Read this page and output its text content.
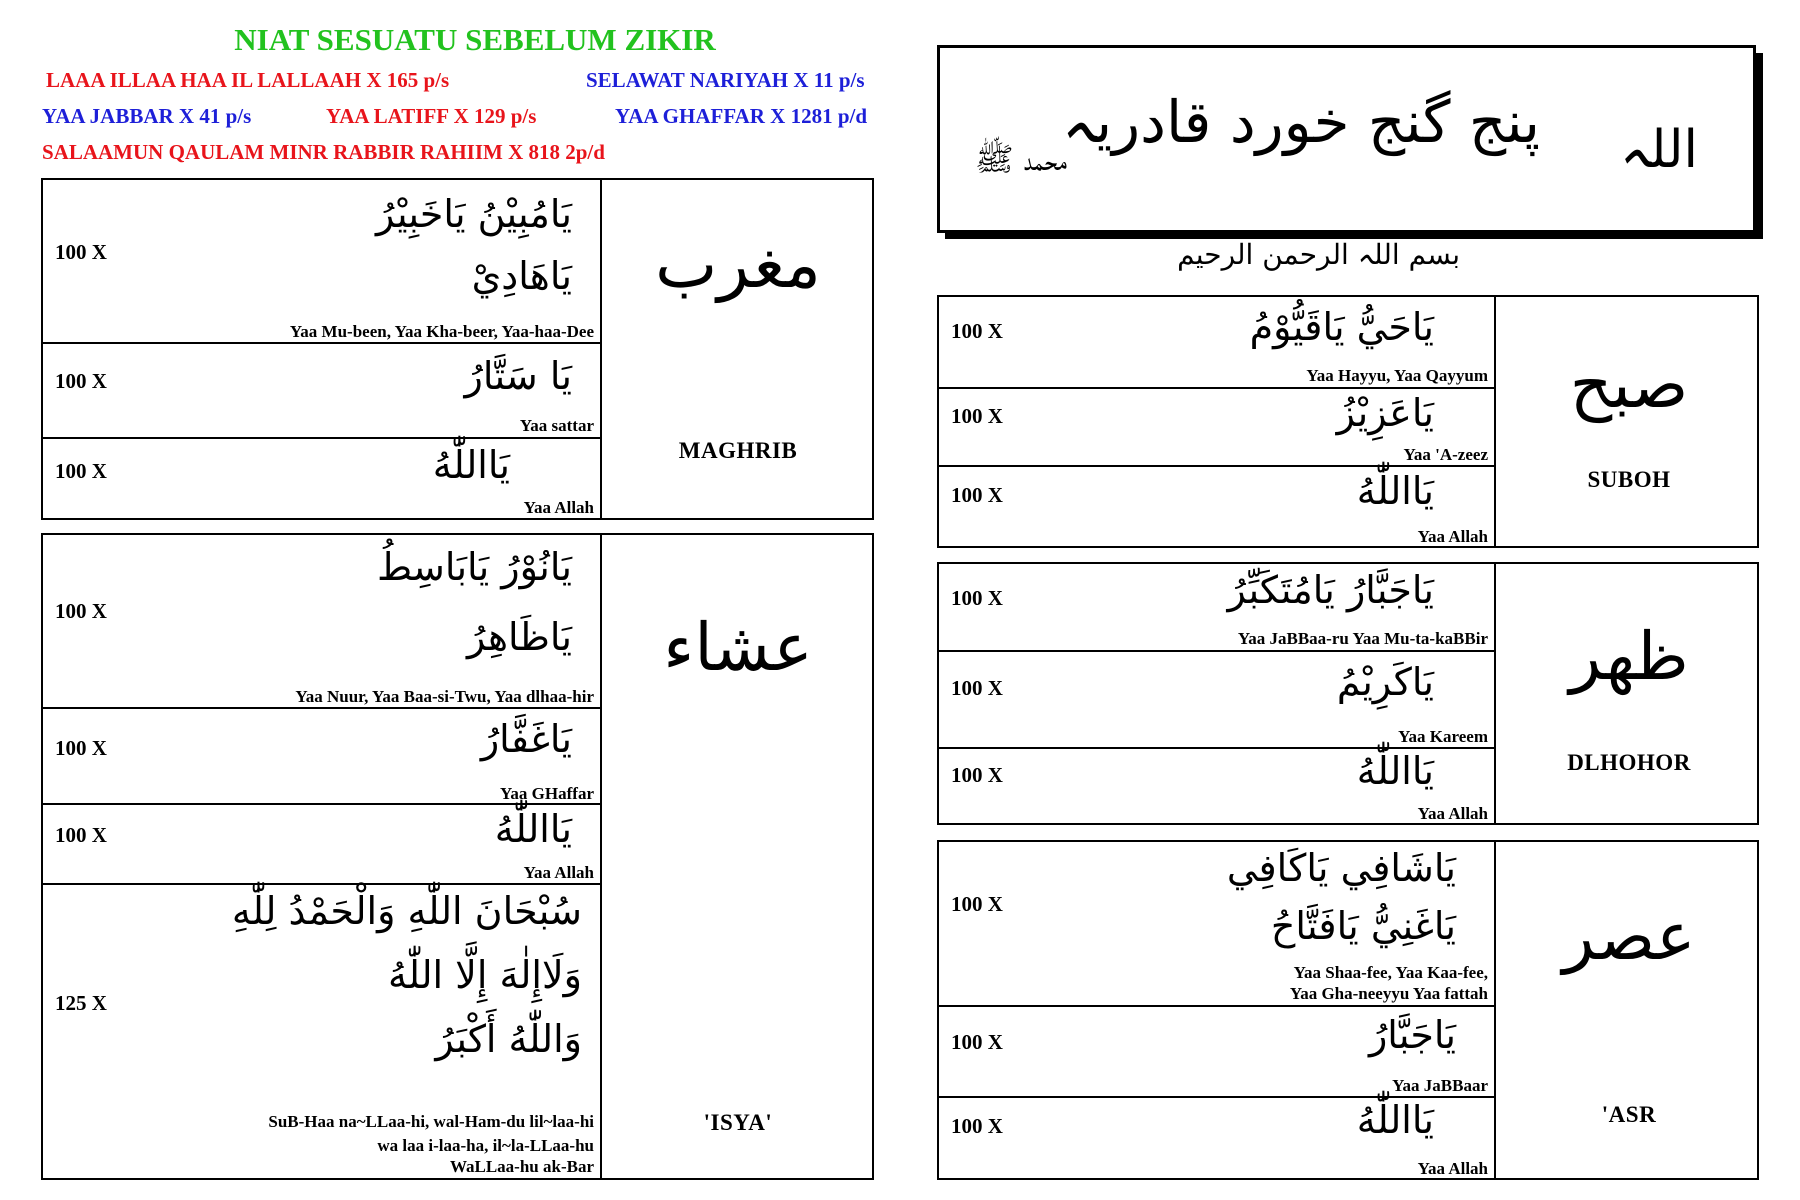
NIAT SESUATU SEBELUM ZIKIR
LAAA ILLAA HAA IL LALLAAH X 165 p/s	SELAWAT NARIYAH X 11 p/s
YAA JABBAR X 41 p/s	YAA LATIFF X 129 p/s	YAA GHAFFAR X 1281 p/d
SALAAMUN QAULAM MINR RABBIR RAHIIM X 818 2p/d	پنج گنج خورد قادریہ اللہ
محمد ﷺ
بسم اللہ الرحمن الرحیم
100 X
يَامُبِيْنُ يَاخَبِيْرُ
يَاهَادِيْ
Yaa Mu-been, Yaa Kha-beer, Yaa-haa-Dee
100 X	يَا سَتَّارُ
Yaa sattar
100 X	يَااللّٰهُ
Yaa Allah
مغرب
MAGHRIB
100 X
يَانُوْرُ يَابَاسِطُ
يَاظَاهِرُ
Yaa Nuur, Yaa Baa-si-Twu, Yaa dlhaa-hir
100 X	يَاغَفَّارُ
Yaa GHaffar
100 X	يَااللّٰهُ
Yaa Allah
125 X
سُبْحَانَ اللّٰهِ وَالْحَمْدُ لِلّٰهِ
وَلَاإِلٰهَ إِلَّا اللّٰهُ
وَاللّٰهُ أَكْبَرُ
SuB-Haa na~LLaa-hi, wal-Ham-du lil~laa-hi
wa laa i-laa-ha, il~la-LLaa-hu
WaLLaa-hu ak-Bar
عشاء
'ISYA'
100 X	يَاحَيُّ يَاقَيُّوْمُ
Yaa Hayyu, Yaa Qayyum
100 X	يَاعَزِيْزُ
Yaa 'A-zeez
100 X	يَااللّٰهُ
Yaa Allah
صبح
SUBOH
100 X	يَاجَبَّارُ يَامُتَكَبِّرُ
Yaa JaBBaa-ru Yaa Mu-ta-kaBBir
100 X	يَاكَرِيْمُ
Yaa Kareem
100 X	يَااللّٰهُ
Yaa Allah
ظهر
DLHOHOR
100 X
يَاشَافِي يَاكَافِي
يَاغَنِيُّ يَافَتَّاحُ
Yaa Shaa-fee, Yaa Kaa-fee,
Yaa Gha-neeyyu Yaa fattah
100 X	يَاجَبَّارُ
Yaa JaBBaar
100 X	يَااللّٰهُ
Yaa Allah
عصر
'ASR
